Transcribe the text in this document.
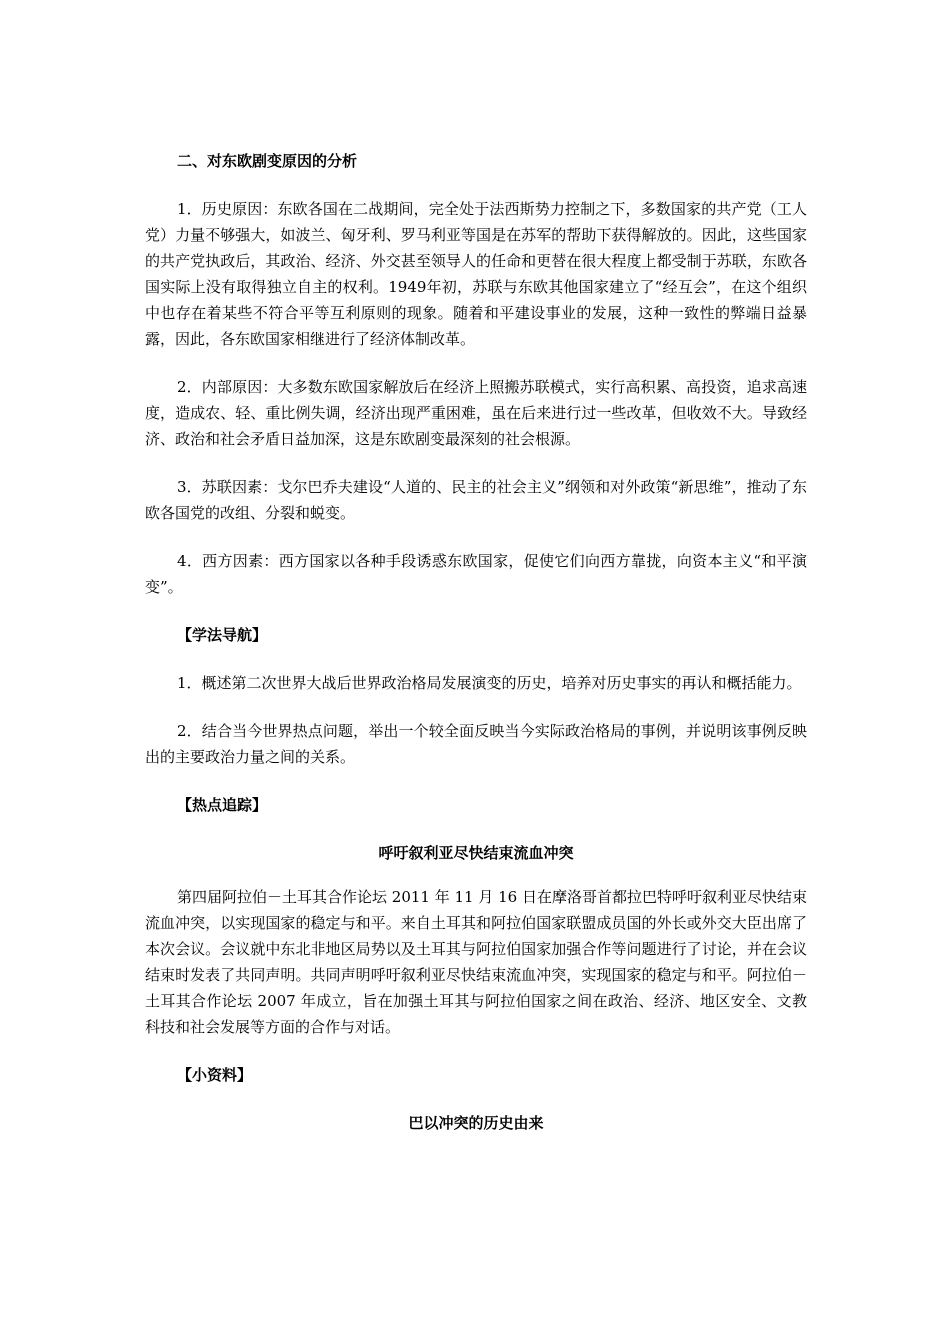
二、对东欧剧变原因的分析

1．历史原因：东欧各国在二战期间，完全处于法西斯势力控制之下，多数国家的共产党（工人党）力量不够强大，如波兰、匈牙利、罗马利亚等国是在苏军的帮助下获得解放的。因此，这些国家的共产党执政后，其政治、经济、外交甚至领导人的任命和更替在很大程度上都受制于苏联，东欧各国实际上没有取得独立自主的权利。1949年初，苏联与东欧其他国家建立了“经互会”，在这个组织中也存在着某些不符合平等互利原则的现象。随着和平建设事业的发展，这种一致性的弊端日益暴露，因此，各东欧国家相继进行了经济体制改革。

2．内部原因：大多数东欧国家解放后在经济上照搬苏联模式，实行高积累、高投资，追求高速度，造成农、轻、重比例失调，经济出现严重困难，虽在后来进行过一些改革，但收效不大。导致经济、政治和社会矛盾日益加深，这是东欧剧变最深刻的社会根源。

3．苏联因素：戈尔巴乔夫建设“人道的、民主的社会主义”纲领和对外政策“新思维”，推动了东欧各国党的改组、分裂和蜕变。

4．西方因素：西方国家以各种手段诱惑东欧国家，促使它们向西方靠拢，向资本主义“和平演变”。

【学法导航】

1．概述第二次世界大战后世界政治格局发展演变的历史，培养对历史事实的再认和概括能力。

2．结合当今世界热点问题，举出一个较全面反映当今实际政治格局的事例，并说明该事例反映出的主要政治力量之间的关系。

【热点追踪】
呼吁叙利亚尽快结束流血冲突

第四届阿拉伯－土耳其合作论坛 2011 年 11 月 16 日在摩洛哥首都拉巴特呼吁叙利亚尽快结束流血冲突，以实现国家的稳定与和平。来自土耳其和阿拉伯国家联盟成员国的外长或外交大臣出席了本次会议。会议就中东北非地区局势以及土耳其与阿拉伯国家加强合作等问题进行了讨论，并在会议结束时发表了共同声明。共同声明呼吁叙利亚尽快结束流血冲突，实现国家的稳定与和平。阿拉伯－土耳其合作论坛 2007 年成立，旨在加强土耳其与阿拉伯国家之间在政治、经济、地区安全、文教科技和社会发展等方面的合作与对话。

【小资料】
巴以冲突的历史由来
